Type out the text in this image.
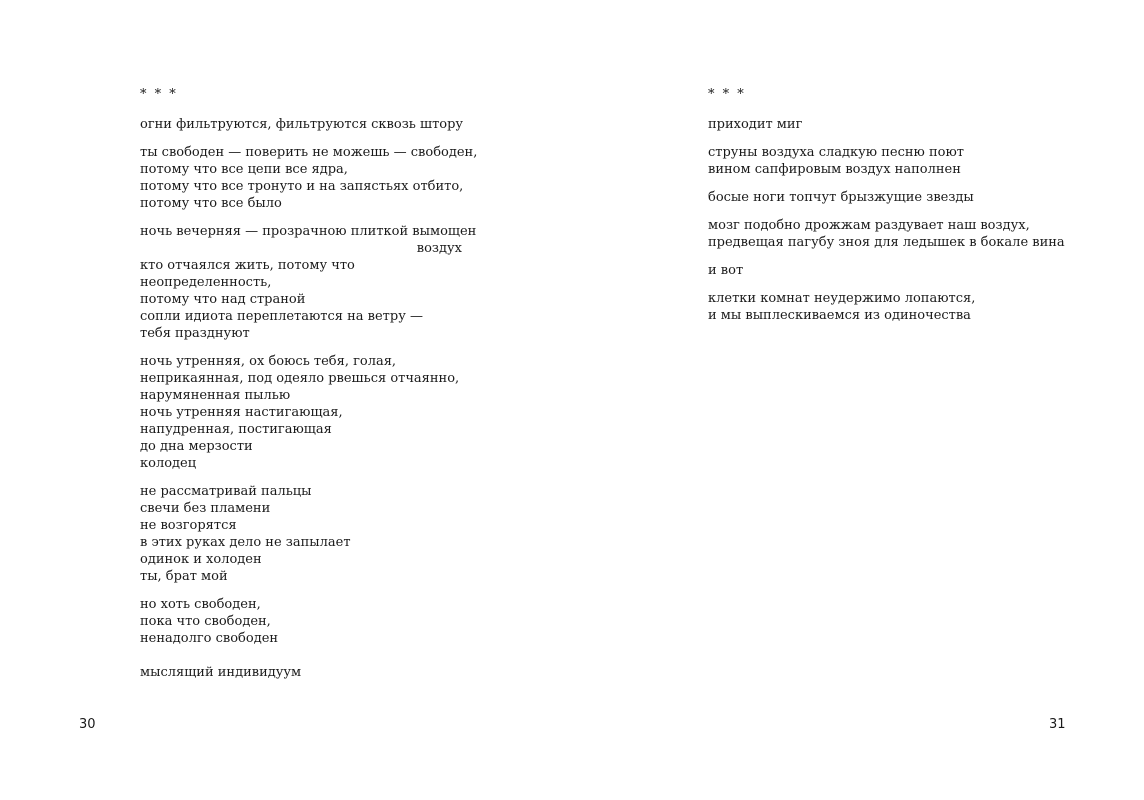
* * *
огни фильтруются, фильтруются сквозь штору
ты свободен — поверить не можешь — свободен,
потому что все цепи все ядра,
потому что все тронуто и на запястьях отбито,
потому что все было
ночь вечерняя — прозрачною плиткой вымощен
воздух
кто отчаялся жить, потому что
неопределенность,
потому что над страной
сопли идиота переплетаются на ветру —
тебя празднуют
ночь утренняя, ох боюсь тебя, голая,
неприкаянная, под одеяло рвешься отчаянно,
нарумяненная пылью
ночь утренняя настигающая,
напудренная, постигающая
до дна мерзости
колодец
не рассматривай пальцы
свечи без пламени
не возгорятся
в этих руках дело не запылает
одинок и холоден
ты, брат мой
но хоть свободен,
пока что свободен,
ненадолго свободен
мыслящий индивидуум
30
* * *
приходит миг
струны воздуха сладкую песню поют
вином сапфировым воздух наполнен
босые ноги топчут брызжущие звезды
мозг подобно дрожжам раздувает наш воздух,
предвещая пагубу зноя для ледышек в бокале вина
и вот
клетки комнат неудержимо лопаются,
и мы выплескиваемся из одиночества
31
